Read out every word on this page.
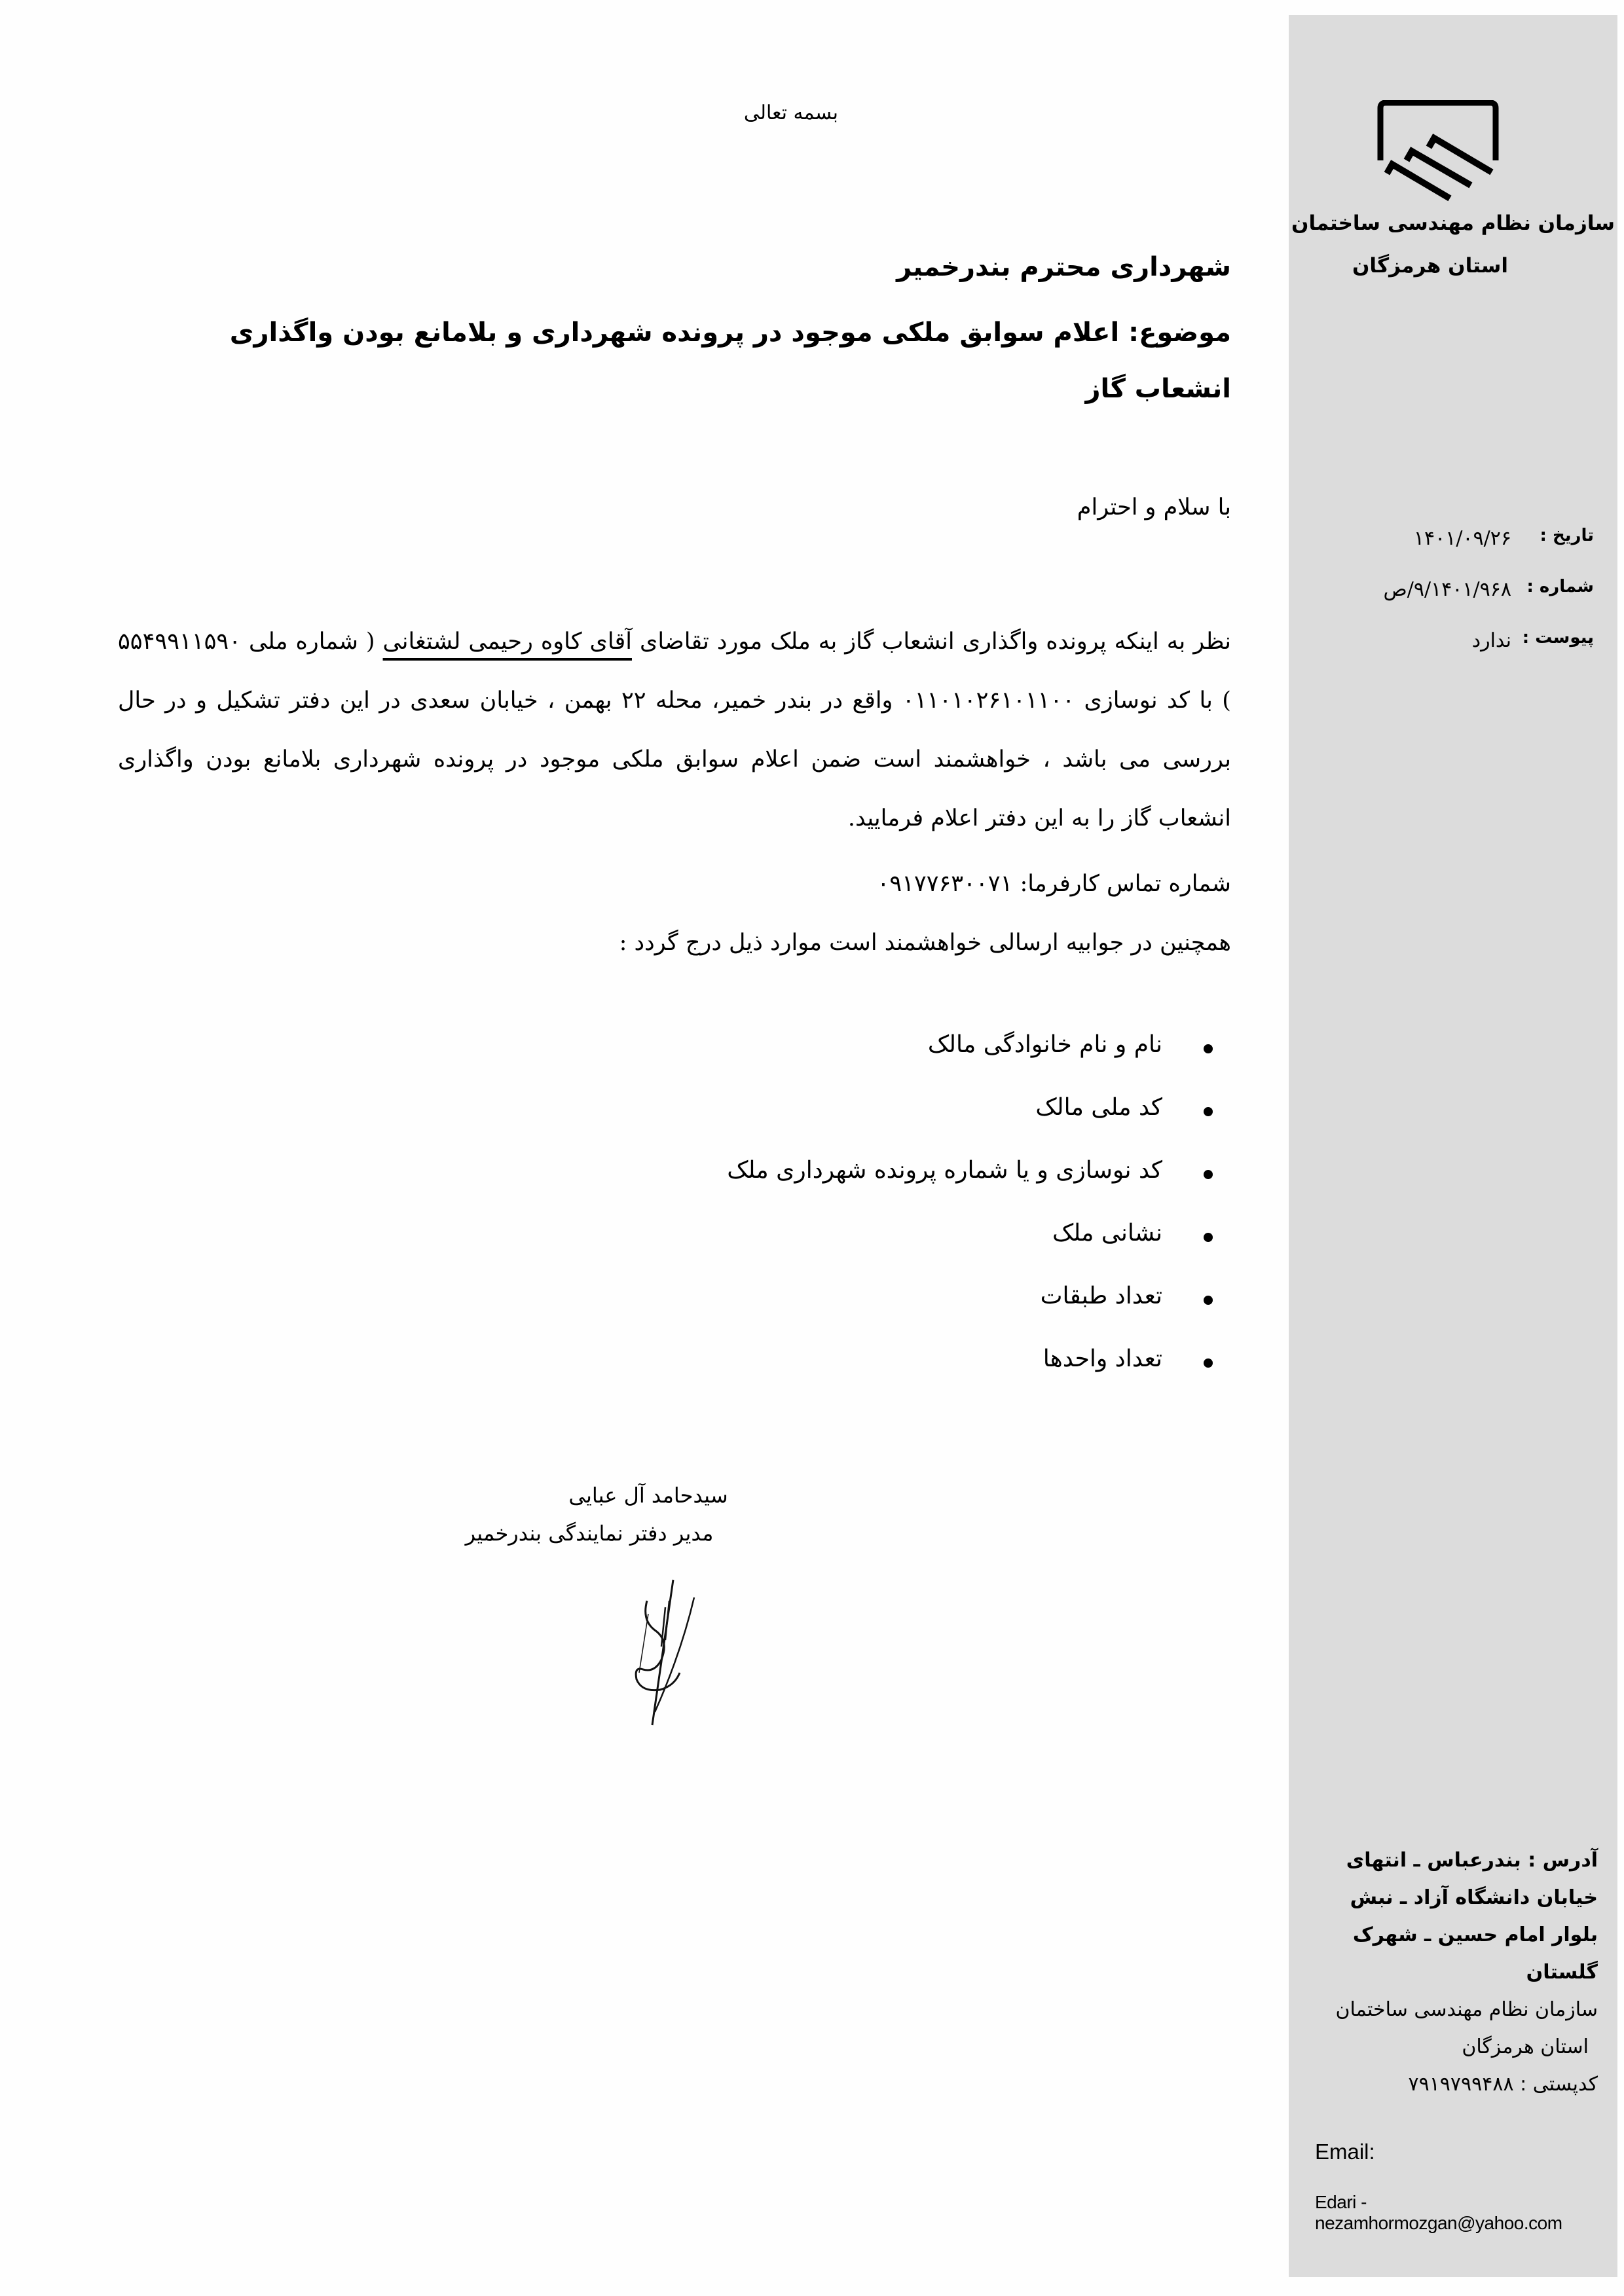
سازمان نظام مهندسی ساختمان
استان هرمزگان
تاریخ :
۱۴۰۱/۰۹/۲۶
شماره :
۹/۱۴۰۱/۹۶۸/ص
پیوست :
ندارد
آدرس : بندرعباس ـ انتهای
خیابان دانشگاه آزاد ـ نبش
بلوار امام حسین ـ شهرک
گلستان
سازمان نظام مهندسی ساختمان
استان هرمزگان
کدپستی : ۷۹۱۹۷۹۹۴۸۸
Email:
Edari - nezamhormozgan@yahoo.com
بسمه تعالی
شهرداری محترم بندرخمیر
موضوع: اعلام سوابق ملکی موجود در پرونده شهرداری و بلامانع بودن واگذاری انشعاب گاز
با سلام و احترام
نظر به اینکه پرونده واگذاری انشعاب گاز به ملک مورد تقاضای آقای کاوه رحیمی لشتغانی ( شماره ملی ۵۵۴۹۹۱۱۵۹۰ ) با کد نوسازی ۰۱۱۰۱۰۲۶۱۰۱۱۰۰ واقع در بندر خمیر، محله ۲۲ بهمن ، خیابان سعدی در این دفتر تشکیل و در حال بررسی می باشد ، خواهشمند است ضمن اعلام سوابق ملکی موجود در پرونده شهرداری بلامانع بودن واگذاری انشعاب گاز را به این دفتر اعلام فرمایید.
شماره تماس کارفرما: ۰۹۱۷۷۶۳۰۰۷۱
همچنین در جوابیه ارسالی خواهشمند است موارد ذیل درج گردد :
نام و نام خانوادگی مالک
کد ملی مالک
کد نوسازی و یا شماره پرونده شهرداری ملک
نشانی ملک
تعداد طبقات
تعداد واحدها
سیدحامد آل عبایی
مدیر دفتر نمایندگی بندرخمیر
